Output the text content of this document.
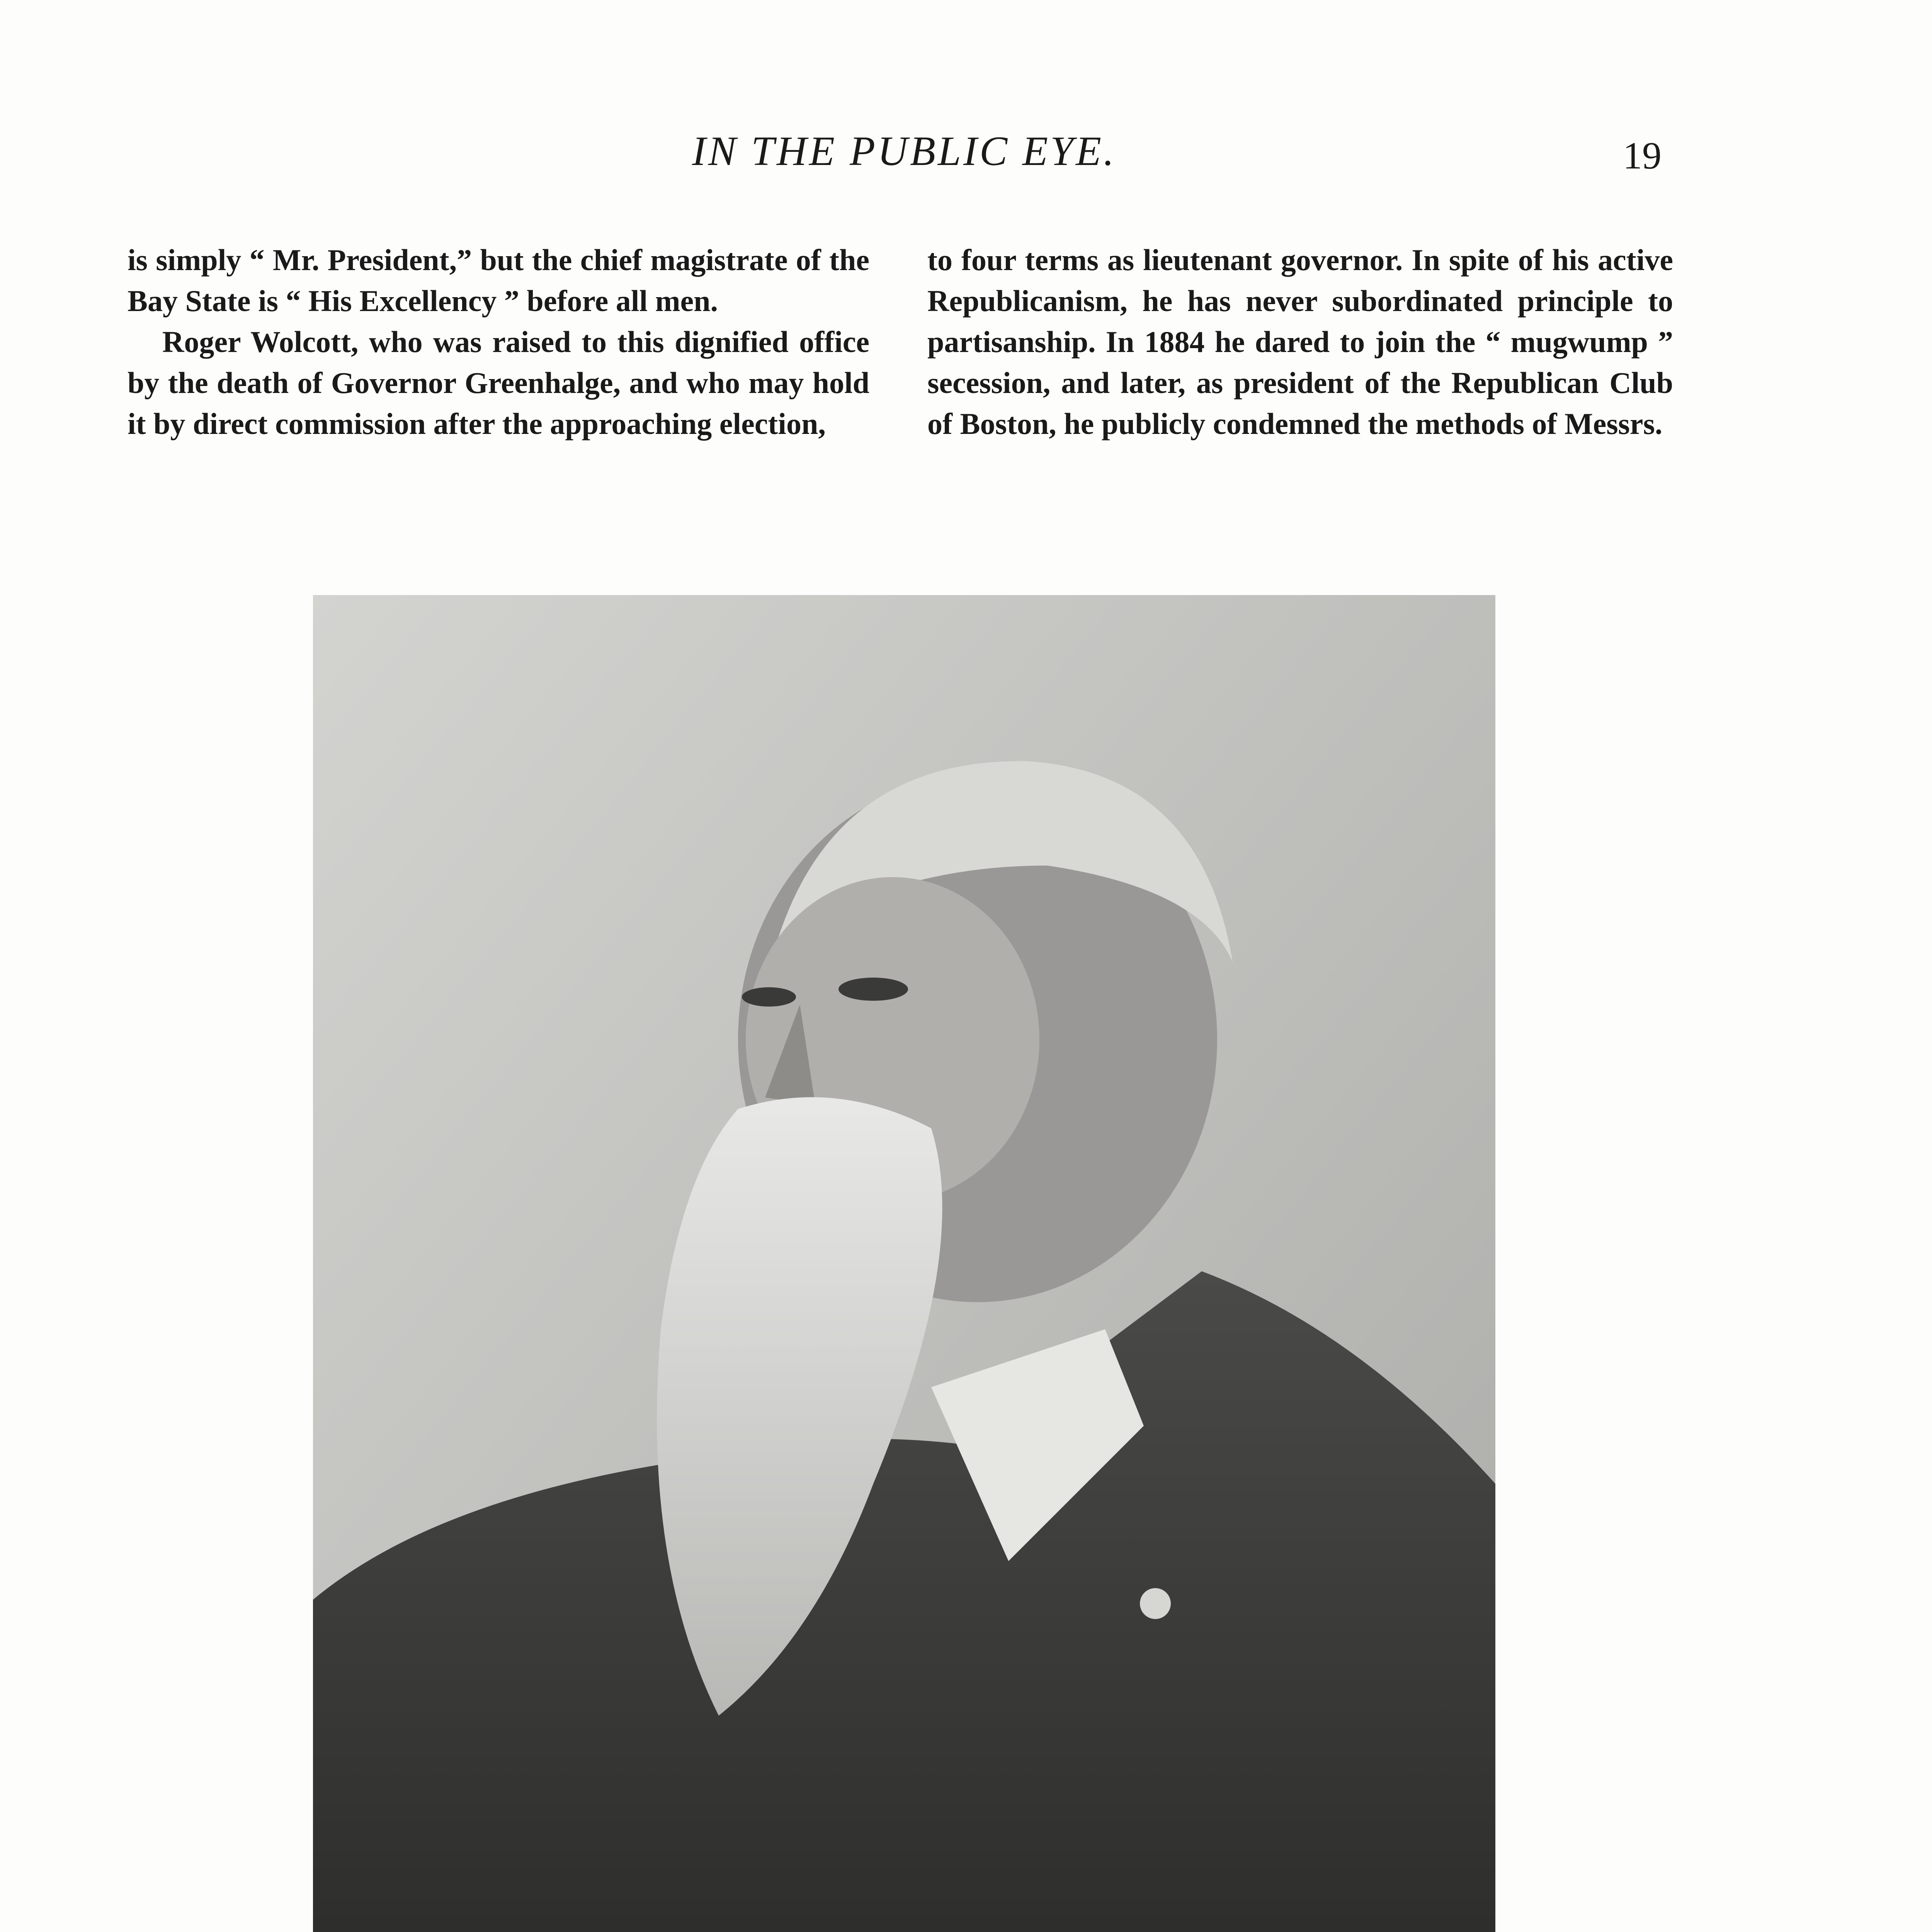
IN THE PUBLIC EYE.	19

is simply “ Mr. President,” but the chief magistrate of the Bay State is “ His Excellency ” before all men.

Roger Wolcott, who was raised to this dignified office by the death of Governor Greenhalge, and who may hold it by direct commission after the approaching election,

to four terms as lieutenant governor. In spite of his active Republicanism, he has never subordinated principle to partisanship. In 1884 he dared to join the “ mugwump ” secession, and later, as president of the Republican Club of Boston, he publicly condemned the methods of Messrs.
